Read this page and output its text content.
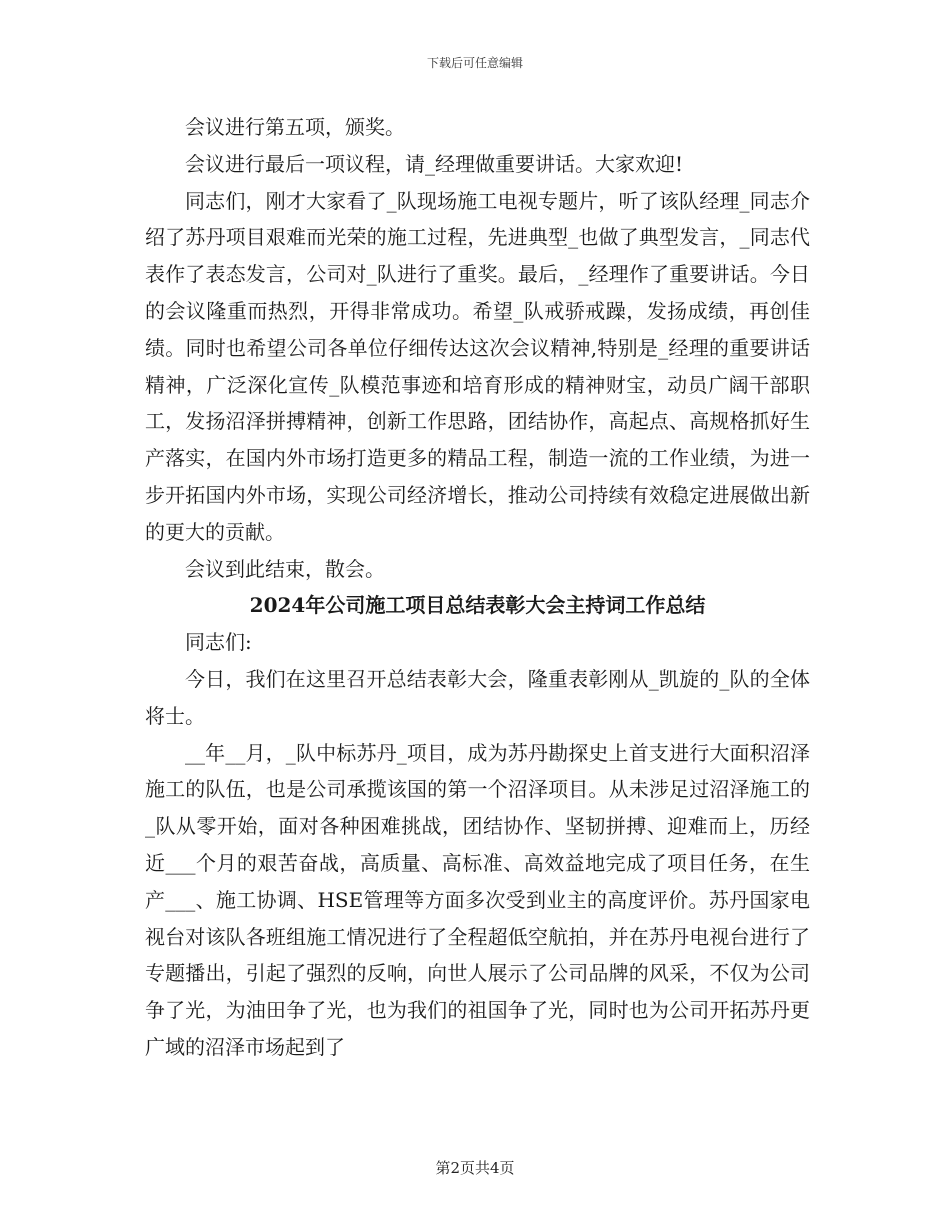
下载后可任意编辑

会议进行第五项，颁奖。

会议进行最后一项议程，请_经理做重要讲话。大家欢迎!

同志们，刚才大家看了_队现场施工电视专题片，听了该队经理_同志介绍了苏丹项目艰难而光荣的施工过程，先进典型_也做了典型发言，_同志代表作了表态发言，公司对_队进行了重奖。最后，_经理作了重要讲话。今日的会议隆重而热烈，开得非常成功。希望_队戒骄戒躁，发扬成绩，再创佳绩。同时也希望公司各单位仔细传达这次会议精神,特别是_经理的重要讲话精神，广泛深化宣传_队模范事迹和培育形成的精神财宝，动员广阔干部职工，发扬沼泽拼搏精神，创新工作思路，团结协作，高起点、高规格抓好生产落实，在国内外市场打造更多的精品工程，制造一流的工作业绩，为进一步开拓国内外市场，实现公司经济增长，推动公司持续有效稳定进展做出新的更大的贡献。

会议到此结束，散会。

2024年公司施工项目总结表彰大会主持词工作总结

同志们:

今日，我们在这里召开总结表彰大会，隆重表彰刚从_凯旋的_队的全体将士。

__年__月，_队中标苏丹_项目，成为苏丹勘探史上首支进行大面积沼泽施工的队伍，也是公司承揽该国的第一个沼泽项目。从未涉足过沼泽施工的_队从零开始，面对各种困难挑战，团结协作、坚韧拼搏、迎难而上，历经近___个月的艰苦奋战，高质量、高标准、高效益地完成了项目任务，在生产___、施工协调、HSE管理等方面多次受到业主的高度评价。苏丹国家电视台对该队各班组施工情况进行了全程超低空航拍，并在苏丹电视台进行了专题播出，引起了强烈的反响，向世人展示了公司品牌的风采，不仅为公司争了光，为油田争了光，也为我们的祖国争了光，同时也为公司开拓苏丹更广域的沼泽市场起到了

第2页共4页
